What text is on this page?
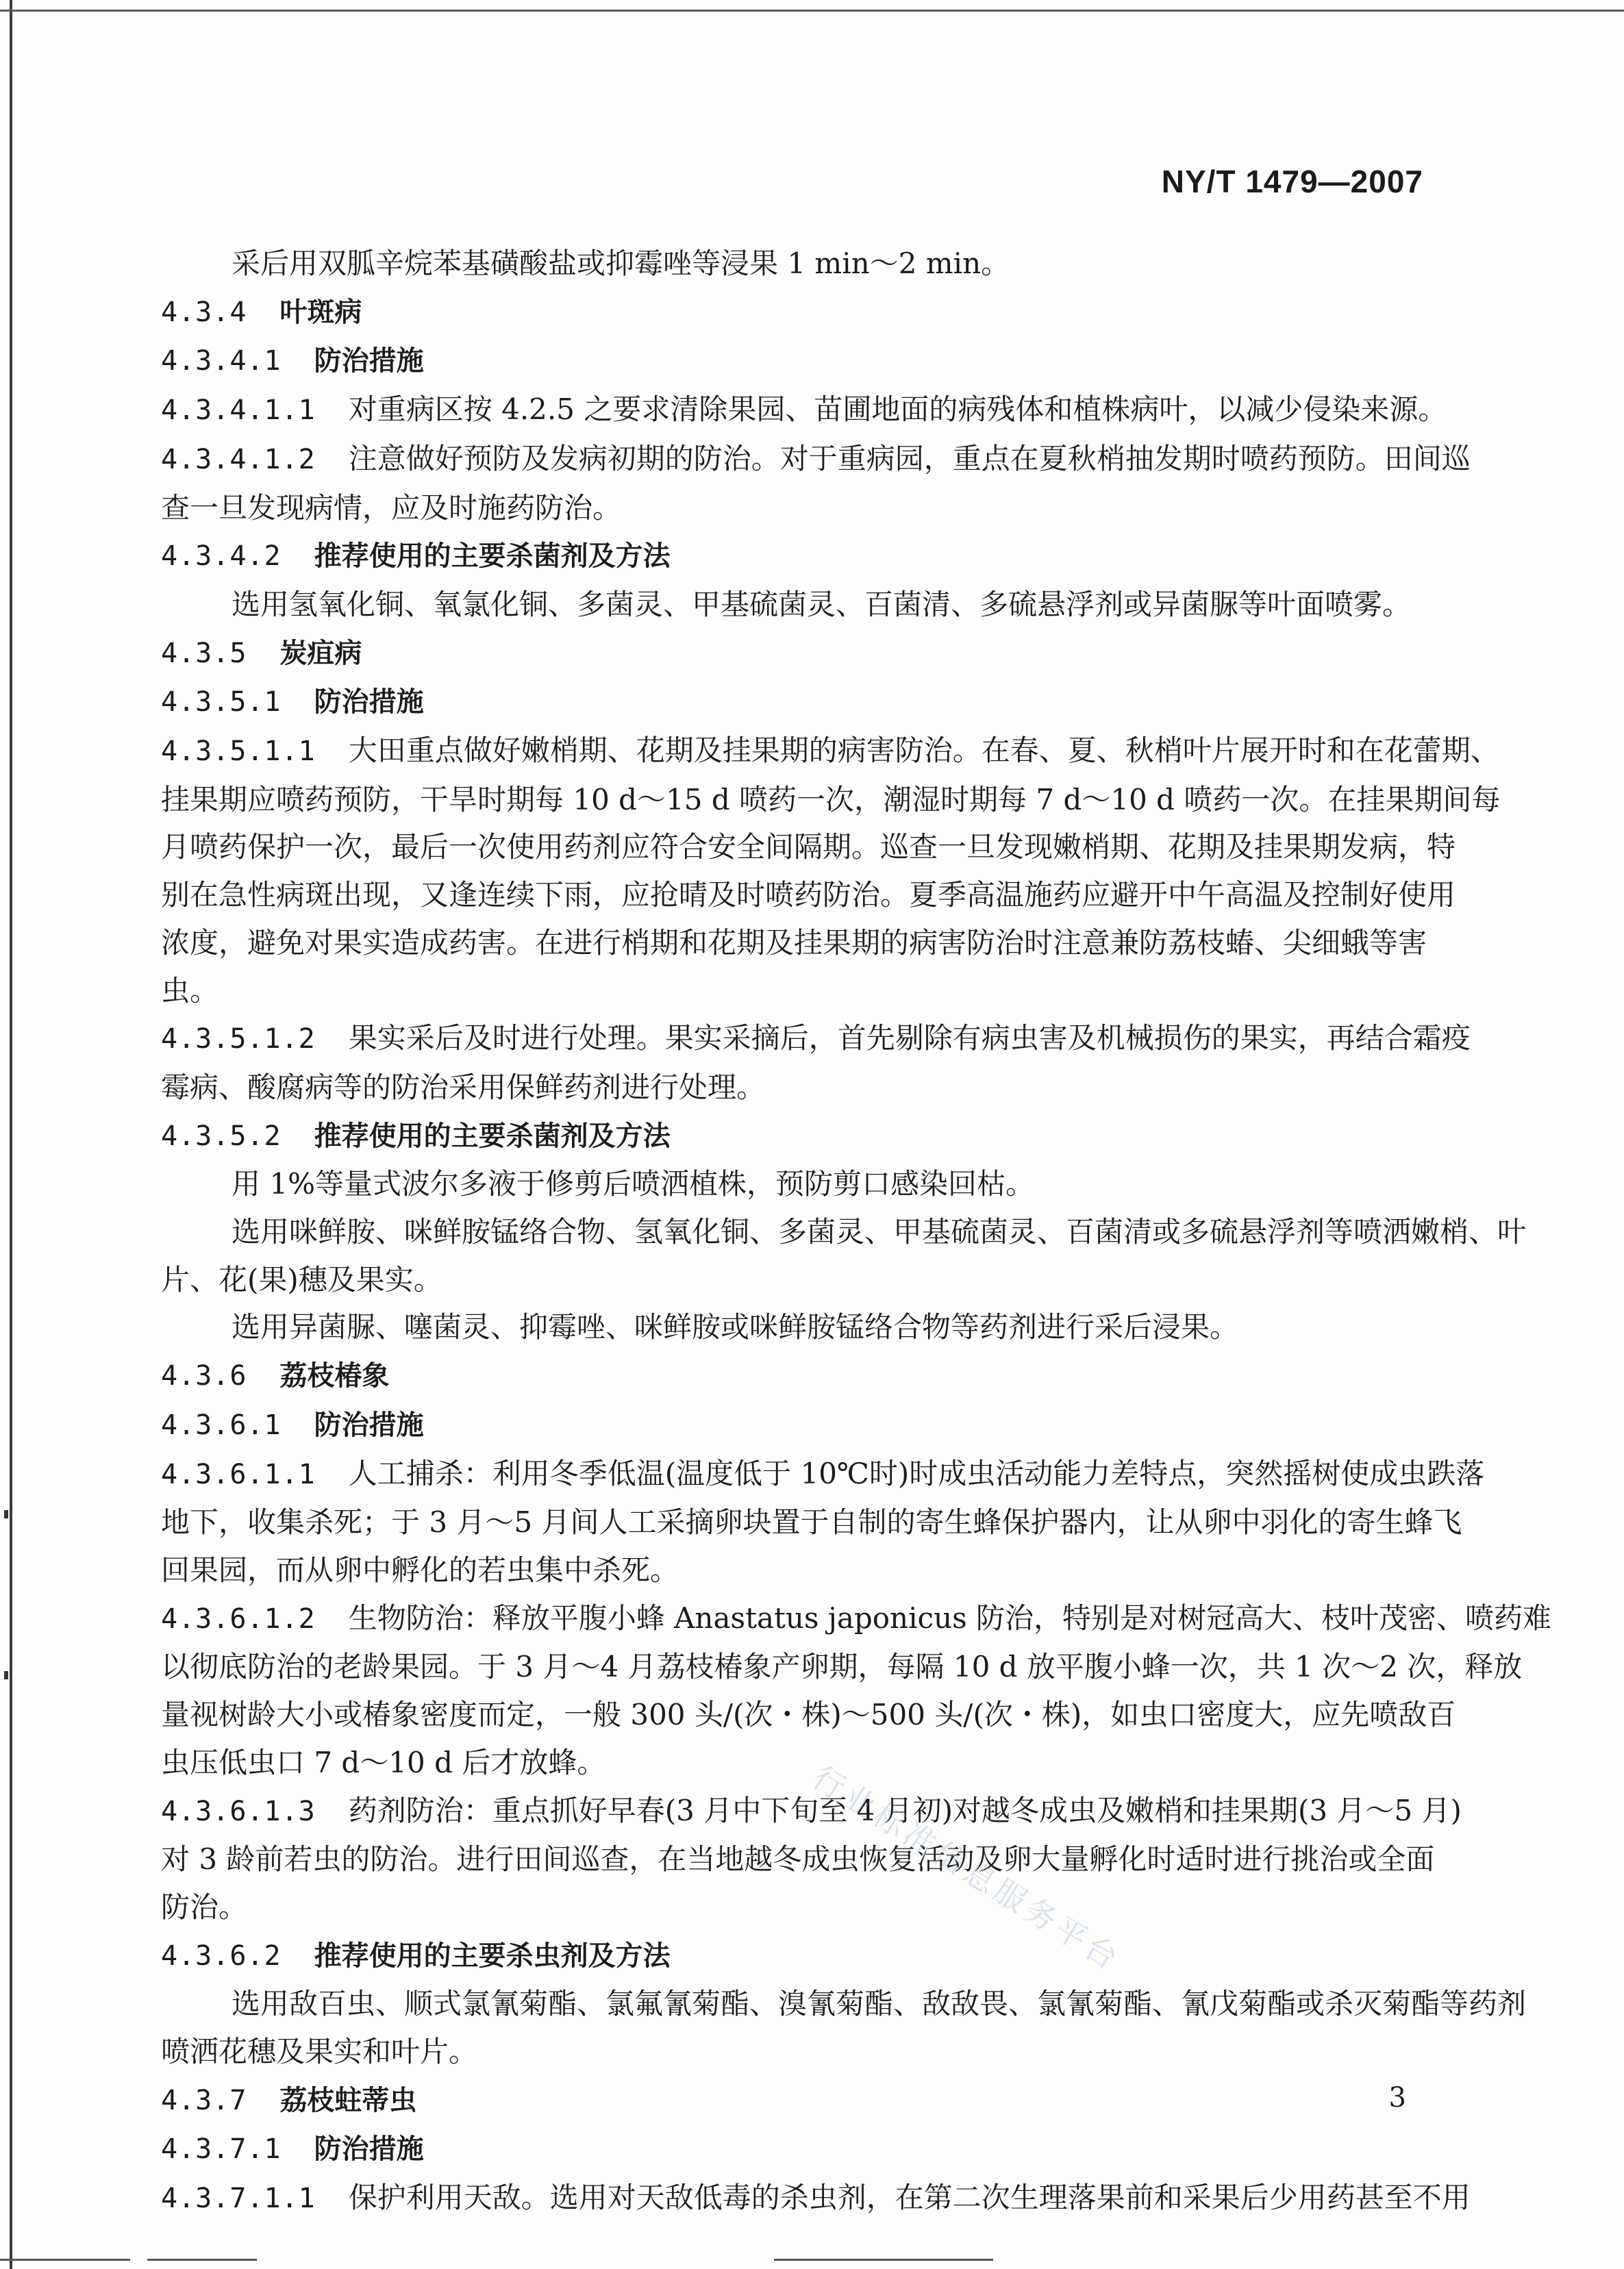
NY/T 1479—2007
采后用双胍辛烷苯基磺酸盐或抑霉唑等浸果 1 min～2 min。
4.3.4 叶斑病
4.3.4.1 防治措施
4.3.4.1.1 对重病区按 4.2.5 之要求清除果园、苗圃地面的病残体和植株病叶，以减少侵染来源。
4.3.4.1.2 注意做好预防及发病初期的防治。对于重病园，重点在夏秋梢抽发期时喷药预防。田间巡
查一旦发现病情，应及时施药防治。
4.3.4.2 推荐使用的主要杀菌剂及方法
选用氢氧化铜、氧氯化铜、多菌灵、甲基硫菌灵、百菌清、多硫悬浮剂或异菌脲等叶面喷雾。
4.3.5 炭疽病
4.3.5.1 防治措施
4.3.5.1.1 大田重点做好嫩梢期、花期及挂果期的病害防治。在春、夏、秋梢叶片展开时和在花蕾期、
挂果期应喷药预防，干旱时期每 10 d～15 d 喷药一次，潮湿时期每 7 d～10 d 喷药一次。在挂果期间每
月喷药保护一次，最后一次使用药剂应符合安全间隔期。巡查一旦发现嫩梢期、花期及挂果期发病，特
别在急性病斑出现，又逢连续下雨，应抢晴及时喷药防治。夏季高温施药应避开中午高温及控制好使用
浓度，避免对果实造成药害。在进行梢期和花期及挂果期的病害防治时注意兼防荔枝蝽、尖细蛾等害
虫。
4.3.5.1.2 果实采后及时进行处理。果实采摘后，首先剔除有病虫害及机械损伤的果实，再结合霜疫
霉病、酸腐病等的防治采用保鲜药剂进行处理。
4.3.5.2 推荐使用的主要杀菌剂及方法
用 1%等量式波尔多液于修剪后喷洒植株，预防剪口感染回枯。
选用咪鲜胺、咪鲜胺锰络合物、氢氧化铜、多菌灵、甲基硫菌灵、百菌清或多硫悬浮剂等喷洒嫩梢、叶
片、花(果)穗及果实。
选用异菌脲、噻菌灵、抑霉唑、咪鲜胺或咪鲜胺锰络合物等药剂进行采后浸果。
4.3.6 荔枝椿象
4.3.6.1 防治措施
4.3.6.1.1 人工捕杀：利用冬季低温(温度低于 10℃时)时成虫活动能力差特点，突然摇树使成虫跌落
地下，收集杀死；于 3 月～5 月间人工采摘卵块置于自制的寄生蜂保护器内，让从卵中羽化的寄生蜂飞
回果园，而从卵中孵化的若虫集中杀死。
4.3.6.1.2 生物防治：释放平腹小蜂 Anastatus japonicus 防治，特别是对树冠高大、枝叶茂密、喷药难
以彻底防治的老龄果园。于 3 月～4 月荔枝椿象产卵期，每隔 10 d 放平腹小蜂一次，共 1 次～2 次，释放
量视树龄大小或椿象密度而定，一般 300 头/(次・株)～500 头/(次・株)，如虫口密度大，应先喷敌百
虫压低虫口 7 d～10 d 后才放蜂。
4.3.6.1.3 药剂防治：重点抓好早春(3 月中下旬至 4 月初)对越冬成虫及嫩梢和挂果期(3 月～5 月)
对 3 龄前若虫的防治。进行田间巡查，在当地越冬成虫恢复活动及卵大量孵化时适时进行挑治或全面
防治。
4.3.6.2 推荐使用的主要杀虫剂及方法
选用敌百虫、顺式氯氰菊酯、氯氟氰菊酯、溴氰菊酯、敌敌畏、氯氰菊酯、氰戊菊酯或杀灭菊酯等药剂
喷洒花穗及果实和叶片。
4.3.7 荔枝蛀蒂虫
4.3.7.1 防治措施
4.3.7.1.1 保护利用天敌。选用对天敌低毒的杀虫剂，在第二次生理落果前和采果后少用药甚至不用
行业标准信息服务平台
3
